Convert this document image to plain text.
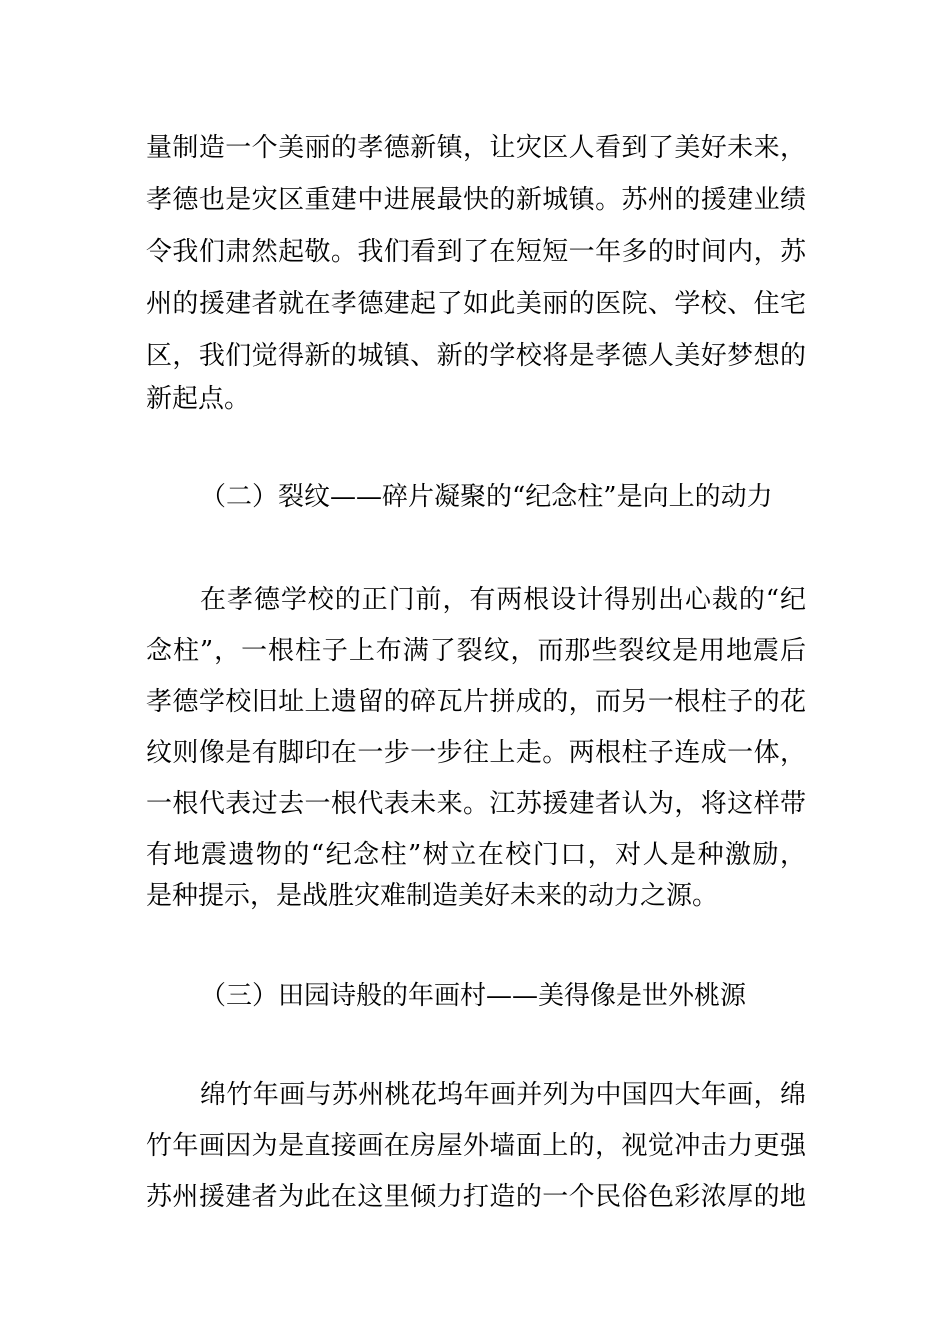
量制造一个美丽的孝德新镇，让灾区人看到了美好未来，
孝德也是灾区重建中进展最快的新城镇。苏州的援建业绩
令我们肃然起敬。我们看到了在短短一年多的时间内，苏
州的援建者就在孝德建起了如此美丽的医院、学校、住宅
区，我们觉得新的城镇、新的学校将是孝德人美好梦想的
新起点。
（二）裂纹——碎片凝聚的“纪念柱”是向上的动力
在孝德学校的正门前，有两根设计得别出心裁的“纪
念柱”，一根柱子上布满了裂纹，而那些裂纹是用地震后
孝德学校旧址上遗留的碎瓦片拼成的，而另一根柱子的花
纹则像是有脚印在一步一步往上走。两根柱子连成一体，
一根代表过去一根代表未来。江苏援建者认为，将这样带
有地震遗物的“纪念柱”树立在校门口，对人是种激励，
是种提示，是战胜灾难制造美好未来的动力之源。
（三）田园诗般的年画村——美得像是世外桃源
绵竹年画与苏州桃花坞年画并列为中国四大年画，绵
竹年画因为是直接画在房屋外墙面上的，视觉冲击力更强
苏州援建者为此在这里倾力打造的一个民俗色彩浓厚的地
